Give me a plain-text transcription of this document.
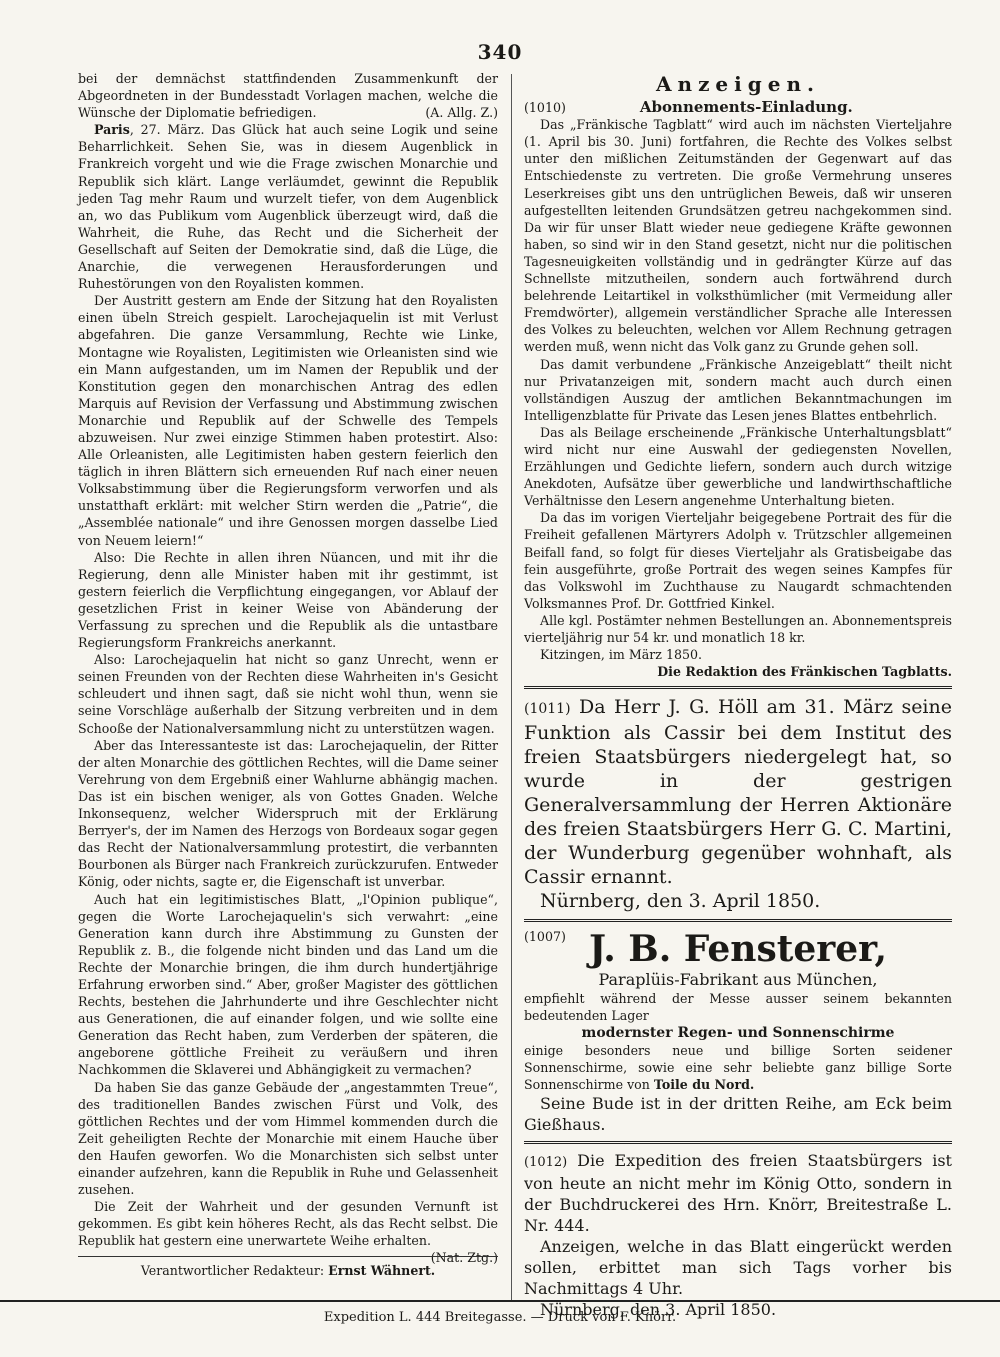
340

bei der demnächst stattfindenden Zusammenkunft der Abgeordneten in der Bundesstadt Vorlagen machen, welche die Wünsche der Diplomatie befriedigen.	(A. Allg. Z.)

Paris, 27. März. Das Glück hat auch seine Logik und seine Beharrlichkeit. Sehen Sie, was in diesem Augenblick in Frankreich vorgeht und wie die Frage zwischen Monarchie und Republik sich klärt. Lange verläumdet, gewinnt die Republik jeden Tag mehr Raum und wurzelt tiefer, von dem Augenblick an, wo das Publikum vom Augenblick überzeugt wird, daß die Wahrheit, die Ruhe, das Recht und die Sicherheit der Gesellschaft auf Seiten der Demokratie sind, daß die Lüge, die Anarchie, die verwegenen Herausforderungen und Ruhestörungen von den Royalisten kommen.

Der Austritt gestern am Ende der Sitzung hat den Royalisten einen übeln Streich gespielt. Larochejaquelin ist mit Verlust abgefahren. Die ganze Versammlung, Rechte wie Linke, Montagne wie Royalisten, Legitimisten wie Orleanisten sind wie ein Mann aufgestanden, um im Namen der Republik und der Konstitution gegen den monarchischen Antrag des edlen Marquis auf Revision der Verfassung und Abstimmung zwischen Monarchie und Republik auf der Schwelle des Tempels abzuweisen. Nur zwei einzige Stimmen haben protestirt. Also: Alle Orleanisten, alle Legitimisten haben gestern feierlich den täglich in ihren Blättern sich erneuenden Ruf nach einer neuen Volksabstimmung über die Regierungsform verworfen und als unstatthaft erklärt: mit welcher Stirn werden die „Patrie“, die „Assemblée nationale“ und ihre Genossen morgen dasselbe Lied von Neuem leiern!“

Also: Die Rechte in allen ihren Nüancen, und mit ihr die Regierung, denn alle Minister haben mit ihr gestimmt, ist gestern feierlich die Verpflichtung eingegangen, vor Ablauf der gesetzlichen Frist in keiner Weise von Abänderung der Verfassung zu sprechen und die Republik als die untastbare Regierungsform Frankreichs anerkannt.

Also: Larochejaquelin hat nicht so ganz Unrecht, wenn er seinen Freunden von der Rechten diese Wahrheiten in's Gesicht schleudert und ihnen sagt, daß sie nicht wohl thun, wenn sie seine Vorschläge außerhalb der Sitzung verbreiten und in dem Schooße der Nationalversammlung nicht zu unterstützen wagen.

Aber das Interessanteste ist das: Larochejaquelin, der Ritter der alten Monarchie des göttlichen Rechtes, will die Dame seiner Verehrung von dem Ergebniß einer Wahlurne abhängig machen. Das ist ein bischen weniger, als von Gottes Gnaden. Welche Inkonsequenz, welcher Widerspruch mit der Erklärung Berryer's, der im Namen des Herzogs von Bordeaux sogar gegen das Recht der Nationalversammlung protestirt, die verbannten Bourbonen als Bürger nach Frankreich zurückzurufen. Entweder König, oder nichts, sagte er, die Eigenschaft ist unverbar.

Auch hat ein legitimistisches Blatt, „l'Opinion publique“, gegen die Worte Larochejaquelin's sich verwahrt: „eine Generation kann durch ihre Abstimmung zu Gunsten der Republik z. B., die folgende nicht binden und das Land um die Rechte der Monarchie bringen, die ihm durch hundertjährige Erfahrung erworben sind.“ Aber, großer Magister des göttlichen Rechts, bestehen die Jahrhunderte und ihre Geschlechter nicht aus Generationen, die auf einander folgen, und wie sollte eine Generation das Recht haben, zum Verderben der späteren, die angeborene göttliche Freiheit zu veräußern und ihren Nachkommen die Sklaverei und Abhängigkeit zu vermachen?

Da haben Sie das ganze Gebäude der „angestammten Treue“, des traditionellen Bandes zwischen Fürst und Volk, des göttlichen Rechtes und der vom Himmel kommenden durch die Zeit geheiligten Rechte der Monarchie mit einem Hauche über den Haufen geworfen. Wo die Monarchisten sich selbst unter einander aufzehren, kann die Republik in Ruhe und Gelassenheit zusehen.

Die Zeit der Wahrheit und der gesunden Vernunft ist gekommen. Es gibt kein höheres Recht, als das Recht selbst. Die Republik hat gestern eine unerwartete Weihe erhalten.

(Nat. Ztg.)

Verantwortlicher Redakteur: Ernst Wähnert.
Anzeigen.

(1010)	Abonnements-Einladung.

Das „Fränkische Tagblatt“ wird auch im nächsten Vierteljahre (1. April bis 30. Juni) fortfahren, die Rechte des Volkes selbst unter den mißlichen Zeitumständen der Gegenwart auf das Entschiedenste zu vertreten. Die große Vermehrung unseres Leserkreises gibt uns den untrüglichen Beweis, daß wir unseren aufgestellten leitenden Grundsätzen getreu nachgekommen sind. Da wir für unser Blatt wieder neue gediegene Kräfte gewonnen haben, so sind wir in den Stand gesetzt, nicht nur die politischen Tagesneuigkeiten vollständig und in gedrängter Kürze auf das Schnellste mitzutheilen, sondern auch fortwährend durch belehrende Leitartikel in volksthümlicher (mit Vermeidung aller Fremdwörter), allgemein verständlicher Sprache alle Interessen des Volkes zu beleuchten, welchen vor Allem Rechnung getragen werden muß, wenn nicht das Volk ganz zu Grunde gehen soll.

Das damit verbundene „Fränkische Anzeigeblatt“ theilt nicht nur Privatanzeigen mit, sondern macht auch durch einen vollständigen Auszug der amtlichen Bekanntmachungen im Intelligenzblatte für Private das Lesen jenes Blattes entbehrlich.

Das als Beilage erscheinende „Fränkische Unterhaltungsblatt“ wird nicht nur eine Auswahl der gediegensten Novellen, Erzählungen und Gedichte liefern, sondern auch durch witzige Anekdoten, Aufsätze über gewerbliche und landwirthschaftliche Verhältnisse den Lesern angenehme Unterhaltung bieten.

Da das im vorigen Vierteljahr beigegebene Portrait des für die Freiheit gefallenen Märtyrers Adolph v. Trützschler allgemeinen Beifall fand, so folgt für dieses Vierteljahr als Gratisbeigabe das fein ausgeführte, große Portrait des wegen seines Kampfes für das Volkswohl im Zuchthause zu Naugardt schmachtenden Volksmannes Prof. Dr. Gottfried Kinkel.

Alle kgl. Postämter nehmen Bestellungen an. Abonnementspreis vierteljährig nur 54 kr. und monatlich 18 kr.

Kitzingen, im März 1850.

Die Redaktion des Fränkischen Tagblatts.

(1011) Da Herr J. G. Höll am 31. März seine Funktion als Cassir bei dem Institut des freien Staatsbürgers niedergelegt hat, so wurde in der gestrigen Generalversammlung der Herren Aktionäre des freien Staatsbürgers Herr G. C. Martini, der Wunderburg gegenüber wohnhaft, als Cassir ernannt.

Nürnberg, den 3. April 1850.

(1007) J. B. Fensterer,

Paraplüis-Fabrikant aus München,

empfiehlt während der Messe ausser seinem bekannten bedeutenden Lager

modernster Regen- und Sonnenschirme

einige besonders neue und billige Sorten seidener Sonnenschirme, sowie eine sehr beliebte ganz billige Sorte Sonnenschirme von Toile du Nord.

Seine Bude ist in der dritten Reihe, am Eck beim Gießhaus.

(1012) Die Expedition des freien Staatsbürgers ist von heute an nicht mehr im König Otto, sondern in der Buchdruckerei des Hrn. Knörr, Breitestraße L. Nr. 444.

Anzeigen, welche in das Blatt eingerückt werden sollen, erbittet man sich Tags vorher bis Nachmittags 4 Uhr.

Nürnberg, den 3. April 1850.

Expedition L. 444 Breitegasse. — Druck von F. Knörr.
